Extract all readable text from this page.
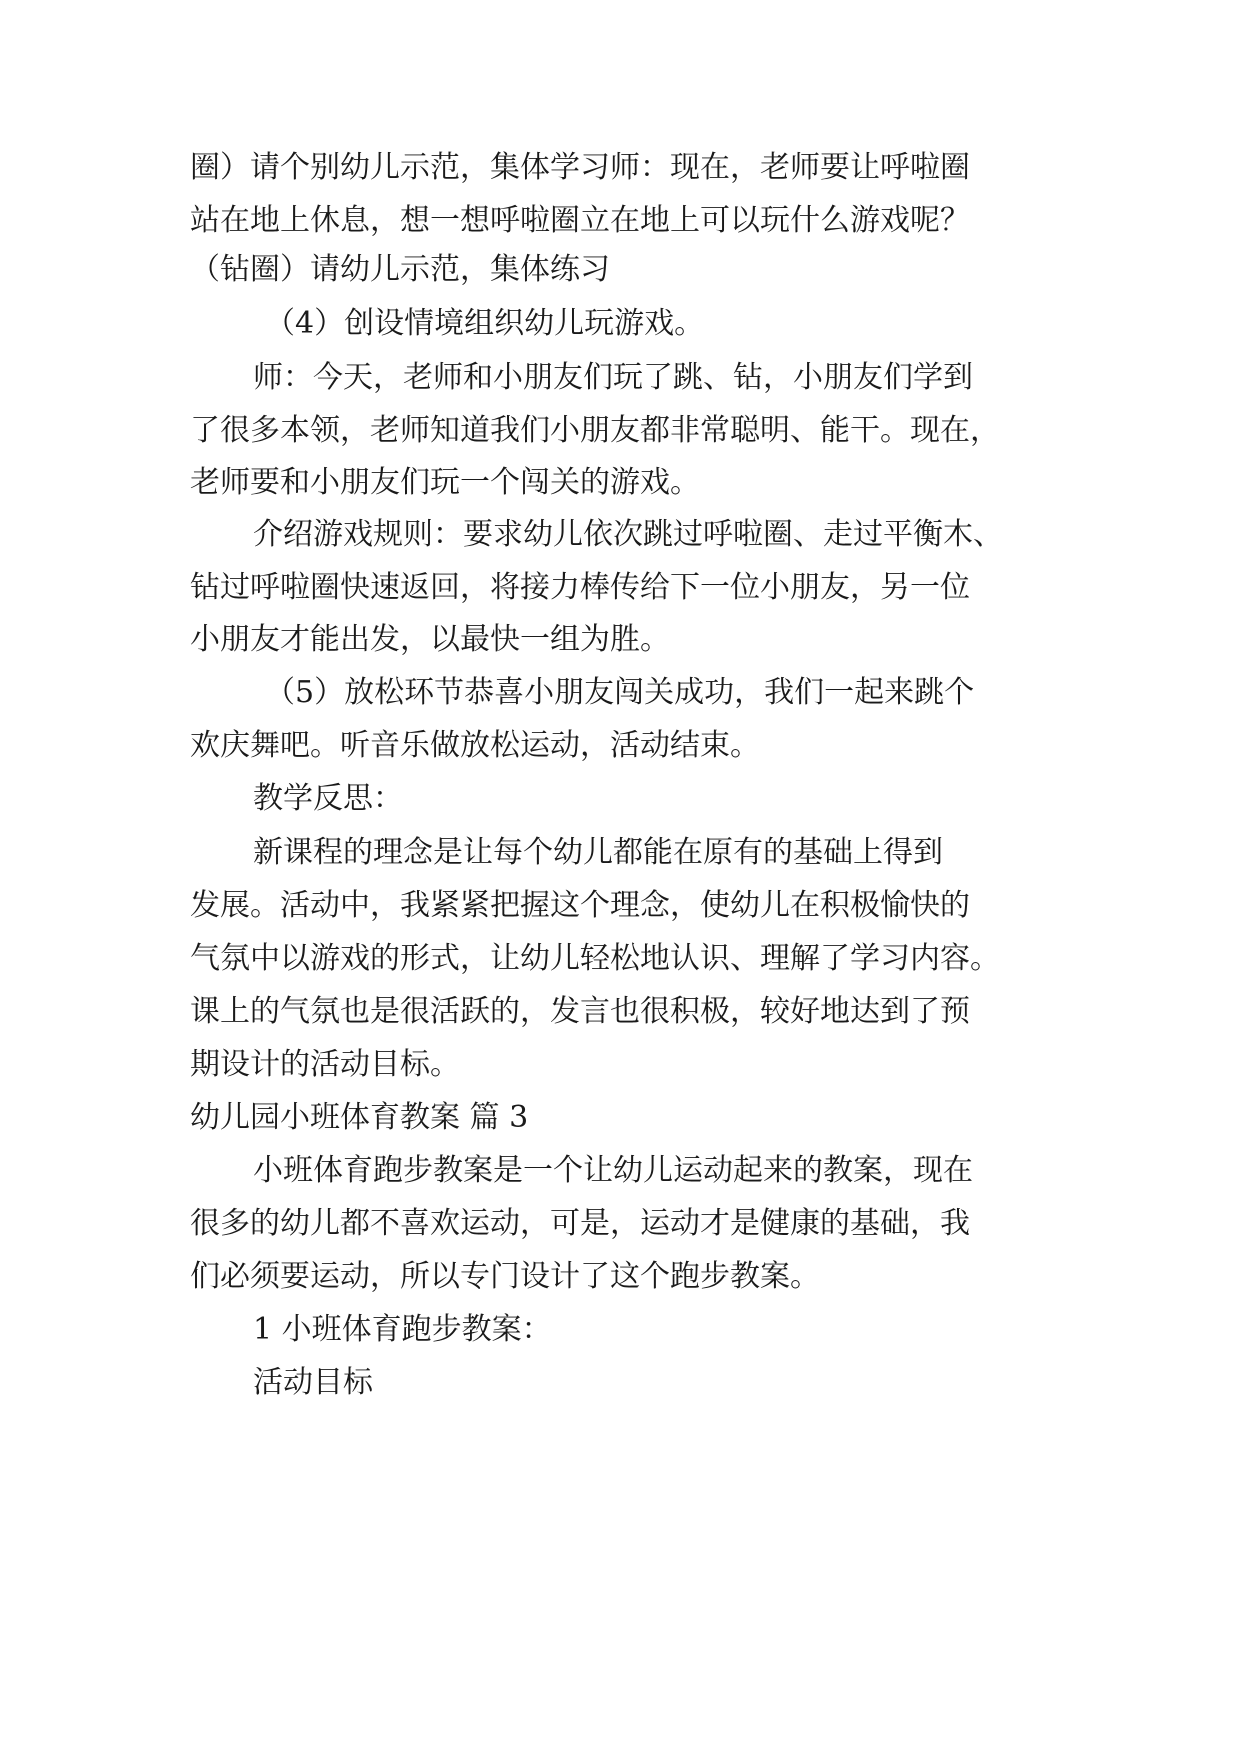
圈）请个别幼儿示范，集体学习师：现在，老师要让呼啦圈
站在地上休息，想一想呼啦圈立在地上可以玩什么游戏呢？
（钻圈）请幼儿示范，集体练习
（4）创设情境组织幼儿玩游戏。
师：今天，老师和小朋友们玩了跳、钻，小朋友们学到
了很多本领，老师知道我们小朋友都非常聪明、能干。现在，
老师要和小朋友们玩一个闯关的游戏。
介绍游戏规则：要求幼儿依次跳过呼啦圈、走过平衡木、
钻过呼啦圈快速返回，将接力棒传给下一位小朋友，另一位
小朋友才能出发，以最快一组为胜。
（5）放松环节恭喜小朋友闯关成功，我们一起来跳个
欢庆舞吧。听音乐做放松运动，活动结束。
教学反思：
新课程的理念是让每个幼儿都能在原有的基础上得到
发展。活动中，我紧紧把握这个理念，使幼儿在积极愉快的
气氛中以游戏的形式，让幼儿轻松地认识、理解了学习内容。
课上的气氛也是很活跃的，发言也很积极，较好地达到了预
期设计的活动目标。
幼儿园小班体育教案 篇 3
小班体育跑步教案是一个让幼儿运动起来的教案，现在
很多的幼儿都不喜欢运动，可是，运动才是健康的基础，我
们必须要运动，所以专门设计了这个跑步教案。
1 小班体育跑步教案：
活动目标
